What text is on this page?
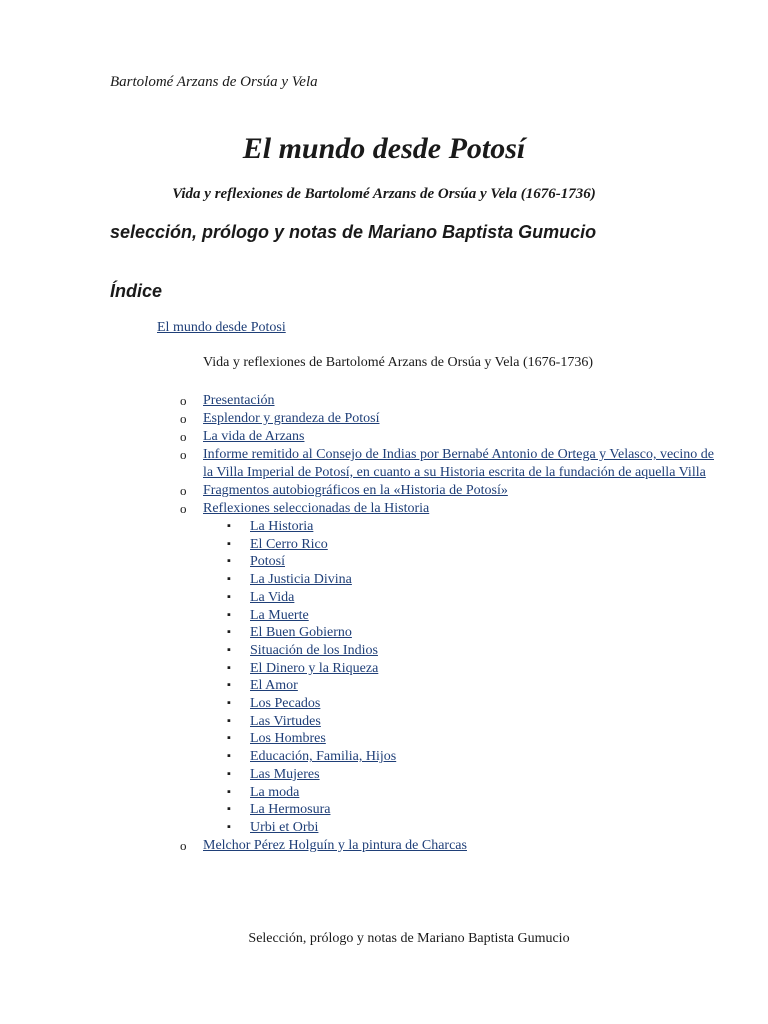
Bartolomé Arzans de Orsúa y Vela
El mundo desde Potosí
Vida y reflexiones de Bartolomé Arzans de Orsúa y Vela (1676-1736)
selección, prólogo y notas de Mariano Baptista Gumucio
Índice
El mundo desde Potosi
Vida y reflexiones de Bartolomé Arzans de Orsúa y Vela (1676-1736)
o Presentación
o Esplendor y grandeza de Potosí
o La vida de Arzans
o Informe remitido al Consejo de Indias por Bernabé Antonio de Ortega y Velasco, vecino de la Villa Imperial de Potosí, en cuanto a su Historia escrita de la fundación de aquella Villa
o Fragmentos autobiográficos en la «Historia de Potosí»
o Reflexiones seleccionadas de la Historia
▪ La Historia
▪ El Cerro Rico
▪ Potosí
▪ La Justicia Divina
▪ La Vida
▪ La Muerte
▪ El Buen Gobierno
▪ Situación de los Indios
▪ El Dinero y la Riqueza
▪ El Amor
▪ Los Pecados
▪ Las Virtudes
▪ Los Hombres
▪ Educación, Familia, Hijos
▪ Las Mujeres
▪ La moda
▪ La Hermosura
▪ Urbi et Orbi
o Melchor Pérez Holguín y la pintura de Charcas
Selección, prólogo y notas de Mariano Baptista Gumucio
